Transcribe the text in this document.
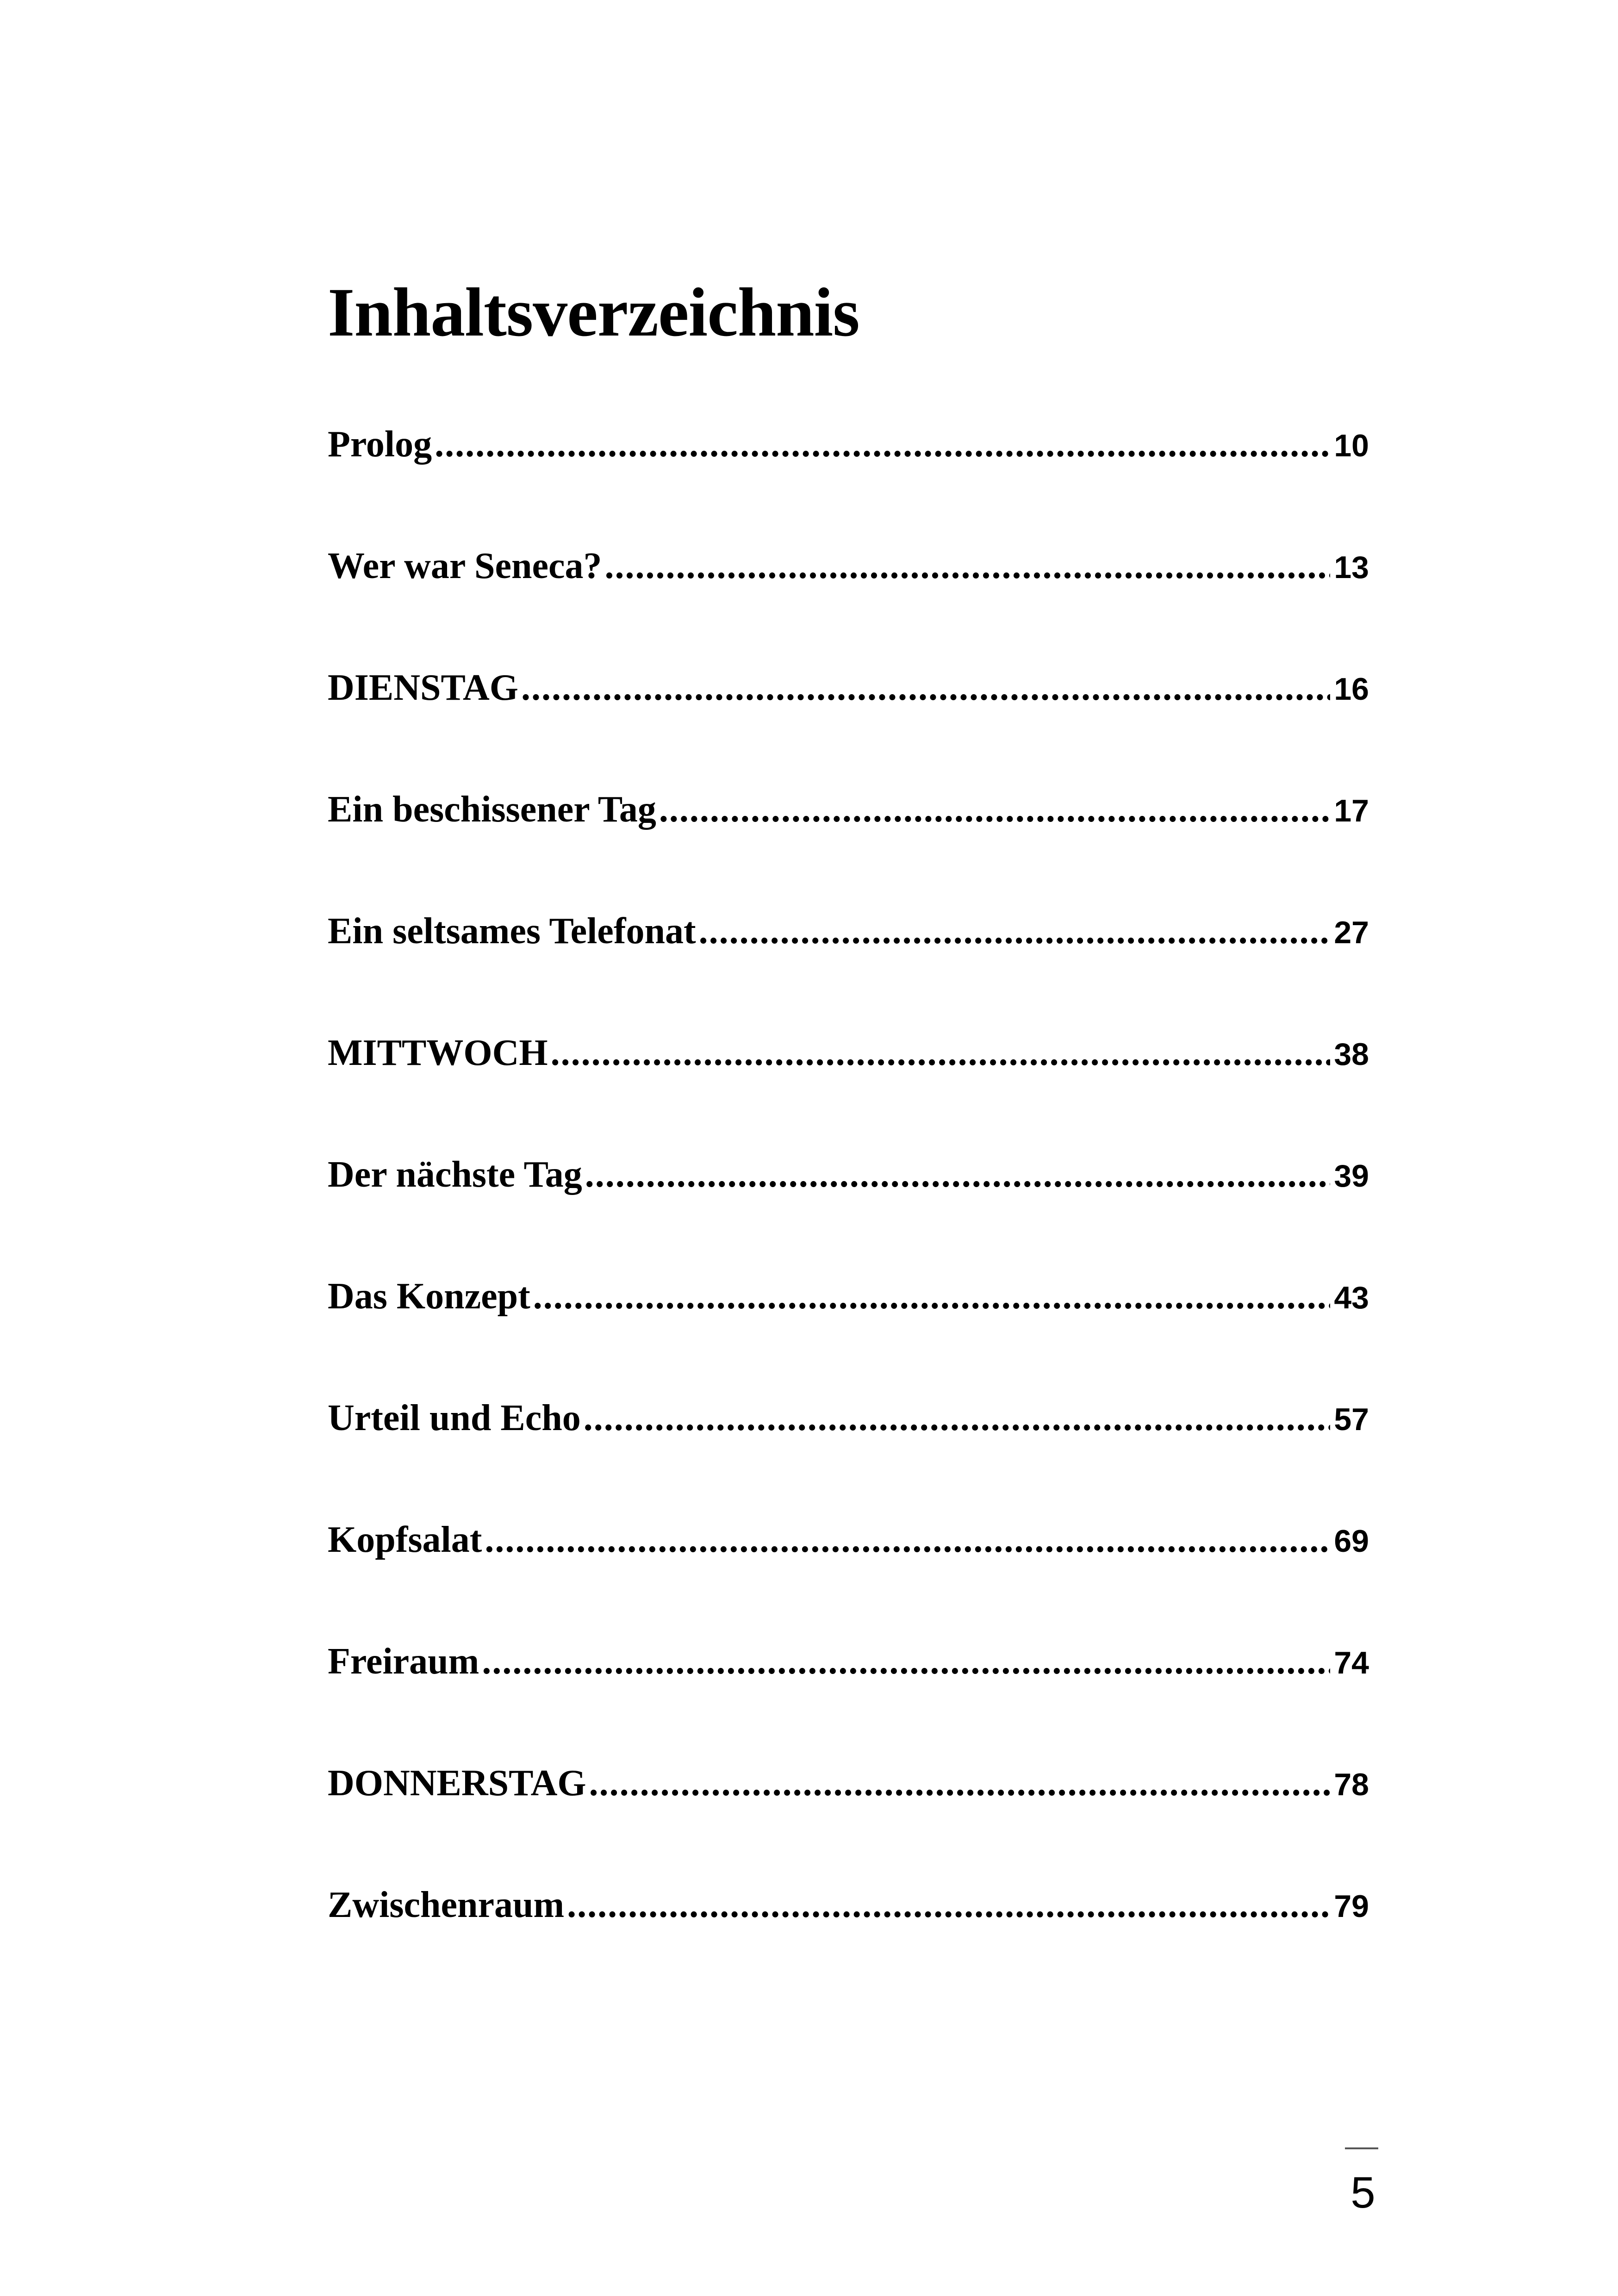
Inhaltsverzeichnis
Prolog .....	10
Wer war Seneca? .....	13
DIENSTAG .....	16
Ein beschissener Tag .....	17
Ein seltsames Telefonat .....	27
MITTWOCH .....	38
Der nächste Tag .....	39
Das Konzept .....	43
Urteil und Echo .....	57
Kopfsalat .....	69
Freiraum .....	74
DONNERSTAG .....	78
Zwischenraum .....	79
5
